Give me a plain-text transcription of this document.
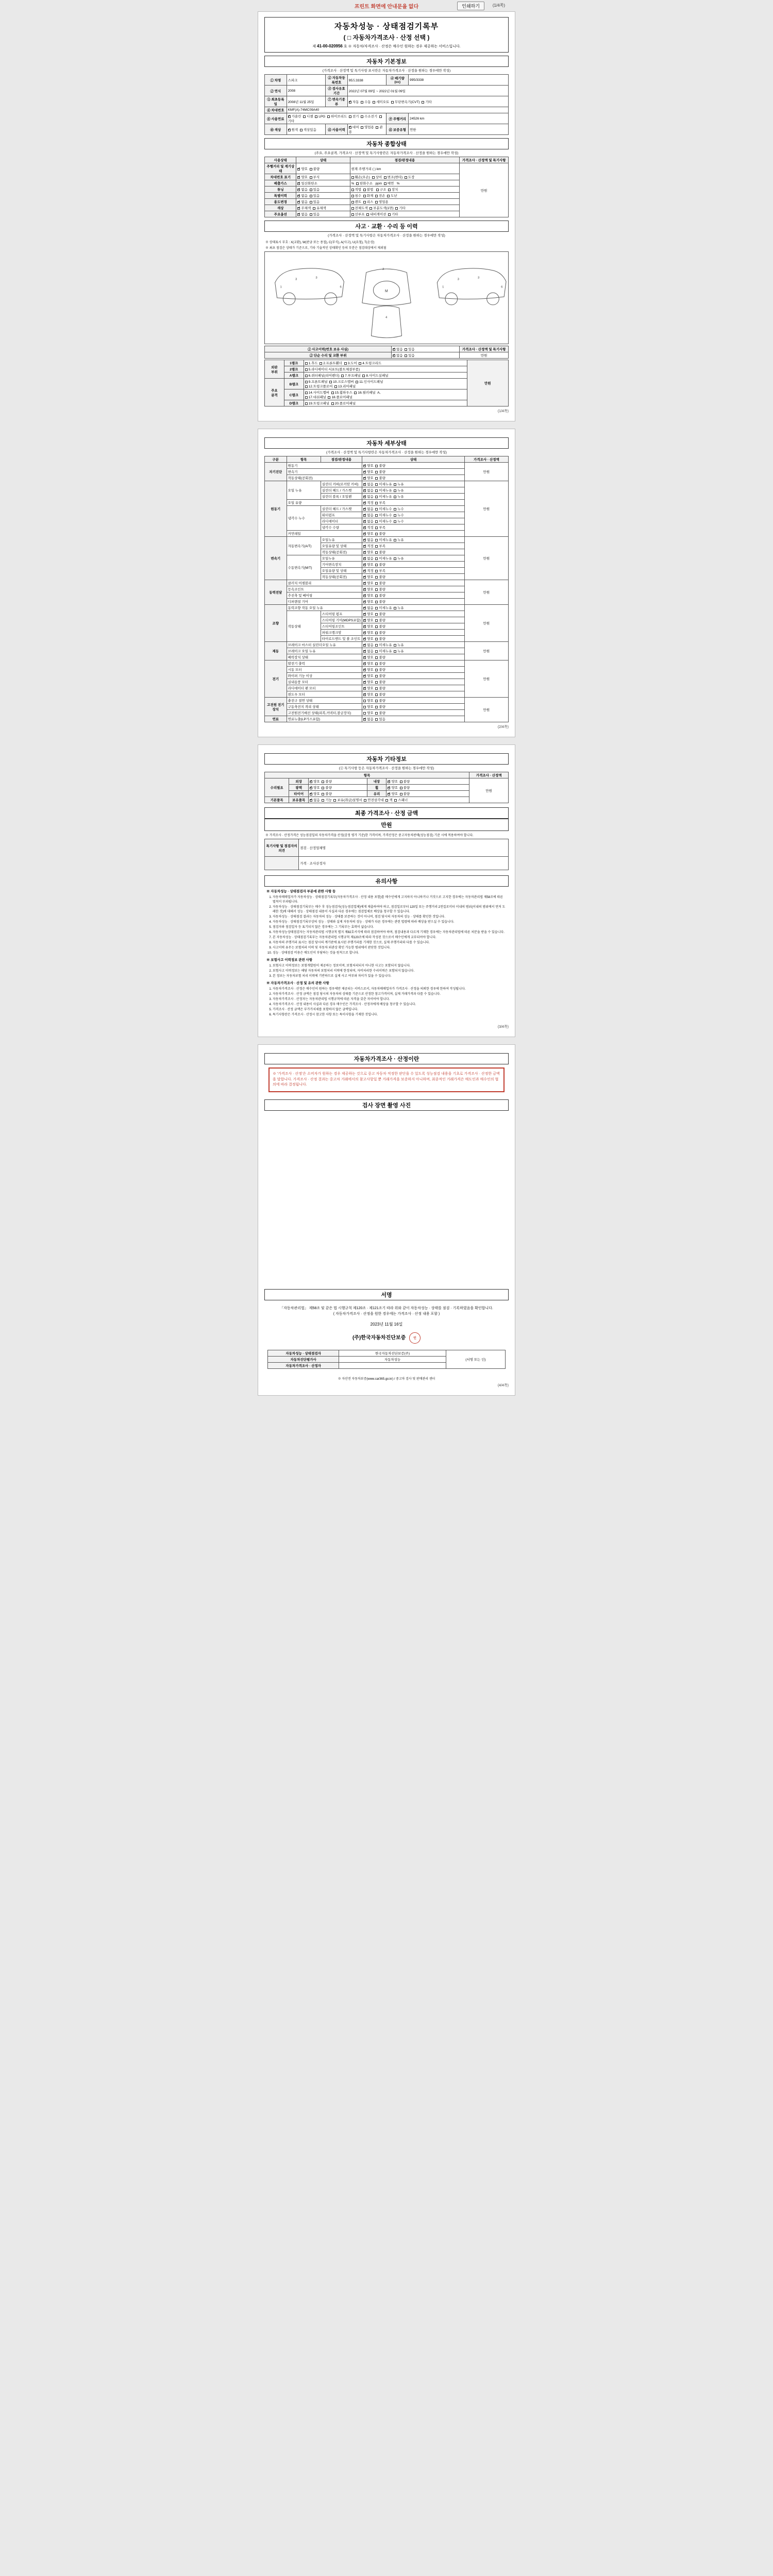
프린트 화면에 안내문을 없다	인쇄하기	(1/4쪽)
자동차성능 · 상태점검기록부
( □ 자동차가격조사 · 산정 선택 )
제 41-00-020956 호 ※ 자동차/자격조사 · 산정은 매수인 원하는 경우 제공하는 서비스입니다.
자동차 기본정보
(가격조사 · 산정액 및 특기사항 표시란은 자동차가격조사 · 산정을 원하는 경우에만 작성)
① 차명	스파크	② 자동차등록번호	95도3338	④ 배기량(cc)	995/3338
② 연식	2008	⑤ 검사유효기간	2022년 07월 09일 ~ 2022년 01월 09일		
③ 최초등록일	2008년 11월 25일	⑦ 변속기종류	✓자동  수동  세미오토  무단변속기(CVT)  기타
⑥ 차대번호	KMF(A)-74MC09A40				
⑧ 사용연료	✓가솔린  디젤  LPG  하이브리드  전기  수소전기  기타			⑨ 주행거리	24526 km
⑩ 색상	✓원색  색상있음	⑪ 사용이력	✓대여  영업용  관용	⑪ 보증유형	연한
자동차 종합상태
(주요, 주요골격, 가격조사 · 산정액 및 특기사항란은 자동차가격조사 · 산정을 원하는 경우에만 작성)
사용상태	상태	점검/판정내용	가격조사 · 산정액 및 특기사항
주행거리 및 계기상태	✓양호  불량	현재 주행거리 ( ) km	만원
차대번호 표기	✓양호  부식	훼손(오손)  상이  변조(변타)  도장	
배출가스	✓일산화탄소	%  탄화수소   ppm  매연   %	
튜닝	✓없음  있음	적법  불법   구조  장치	
특별이력	✓없음  있음	침수  화재  전손  도난	
용도변경	✓없음  있음	렌트  리스  영업용	
색상	✓무채색  유채색	전체도색  부분도색(1면)  기타	
주요옵션	✓없음  있음	선루프  내비게이션  기타	
사고 · 교환 · 수리 등 이력
(가격조사 · 산정액 및 특기사항은 자동차가격조사 · 산정을 원하는 경우에만 작성)
※ 상태표시 부호 : X(교환), W(판금 또는 용접), C(부식), A(사고), U(요철), T(손상)
※ 최초 점검은 상태가 기준으로, 기타 기술적인 상태확인 등의 부분은 점검대상에서 제외됨
M
3	3
1	6
2
4
3	3
1	6
① 사고이력(번호 보유 사실)	✓없음  있음	가격조사 · 산정액 및 특기사항
② 단순 수리 및 교환 부위	✓없음  있음	만원
외판
부위	1랭크	1.후드  2.프론트휀더  3.도어  4.트렁크리드	만원
	2랭크	5.라디에이터 서포트(볼트체결부품)	
	A랭크	6.쿼터패널(리어펜더)  7.루프패널  8.사이드실패널	
주요
골격	B랭크	9.프론트패널  10.크로스멤버  11.인사이드패널
12.트렁크플로어  13.리어패널	
	C랭크	14.사이드멤버  15.휠하우스  16.필러패널  A,
17.대쉬패널  18.플로어패널	
	D랭크	19.트렁크패널  20.플로어패널	
(1/4쪽)
자동차 세부상태
(가격조사 · 산정액 및 특기사항란은 자동차가격조사 · 산정을 원하는 경우에만 작성)
구분	항목	점검/판정내용	상태	가격조사 · 산정액
자기진단	원동기	✓양호  불량	만원
	변속기	✓양호  불량
	작동상태(공회전)	✓양호  불량
원동기	오일 누유	실린더 커버(로커암 커버)	✓없음  미세누유  누유	만원
		실린더 헤드 / 가스켓	✓없음  미세누유  누유
		실린더 블록 / 오일팬	✓없음  미세누유  누유
	오일 유량	✓적정  부족
	냉각수 누수	실린더 헤드 / 가스켓	✓없음  미세누수  누수
		워터펌프	✓없음  미세누수  누수
		라디에이터	✓없음  미세누수  누수
		냉각수 수량	✓적정  부족
	커먼레일	✓양호  불량
변속기	자동변속기(A/T)	오일누유	✓없음  미세누유  누유	만원
		오일유량 및 상태	✓적정  부족
		작동상태(공회전)	✓양호  불량
	수동변속기(M/T)	오일누유	✓없음  미세누유  누유
		기어변속장치	✓양호  불량
		오일유량 및 상태	✓적정  부족
		작동상태(공회전)	✓양호  불량
동력전달	클러치 어셈블리	✓양호  불량	만원
	등속조인트	✓양호  불량
	추진축 및 베어링	✓양호  불량
	디퍼렌셜 기어	✓양호  불량
조향	동력조향 작동 오일 누유	✓없음  미세누유  누유	만원
	작동상태	스티어링 펌프	✓양호  불량
		스티어링 기어(MDPS포함)	✓양호  불량
		스티어링조인트	✓양호  불량
		파워크랭크암	✓양호  불량
		타이로드엔드 및 볼 조인트	✓양호  불량
제동	브레이크 마스터 실린더오일 누유	✓없음  미세누유  누유	만원
	브레이크 오일 누유	✓없음  미세누유  누유
	배력장치 상태	✓양호  불량
전기	발전기 출력	✓양호  불량	만원
	시동 모터	✓양호  불량
	와이퍼 기능 이상	✓양호  불량
	실내송풍 모터	✓양호  불량
	라디에이터 팬 모터	✓양호  불량
	윈도우 모터	✓양호  불량
고전원 전기장치	충전구 절연 상태		양호  불량	만원
	구동축전지 격리 상태		양호  불량	
	고전원전기배선 상태(피복,커넥터,잠금장치)		양호  불량	
연료	연료누출(LP가스포함)	✓없음  있음
(2/4쪽)
자동차 기타정보
(② 특기사항 등은 자동차가격조사 · 산정을 원하는 경우에만 작성)
항목					가격조사 · 산정액
수리필요	외장	✓양호  불량	내장	✓양호  불량	만원
	광택	✓양호  불량	휠	✓양호  불량
	타이어	✓양호  불량	유리	✓양호  불량
기본품목	보유품목	✓없음  기능  보유(취급)설명서  안전삼각대  잭  스패너
최종 가격조사 · 산정 금액
만원
※ 가격조사 · 산정가격은 성능점검일의 자동차가격을 산정(감정 평가 기준)한 가격이며, 가격산정은 중고자동차판매(성능점검) 기준 시에 적용하여야 합니다.
특기사항 및 점검자의 의견	점검 · 산정업체명
	가격 · 조사산정자
유의사항
※ 자동차성능 · 상태점검자 부분에 관한 사항 등
1. 자동차매매업자가 자동차성능 · 상태점검기록부(자동차가격조사 · 산정 내용 포함)를 매수인에게 고지하지 아니하거나 거짓으로 고지한 경우에는 자동차관리법 제58조에 따른 벌칙이 부과됩니다.
2. 자동차성능 · 상태점검기록부는 매수 후 성능점검자(성능점검업체)에게 제출하여야 하고, 점검일로부터 120일 또는 주행거리 2천킬로미터 이내의 범위(이내의 범위에서 먼저 도래한 것)에 대해서 성능 · 상태점검 내용이 사실과 다른 경우에는 점검업체로 배상을 청구할 수 있습니다.
3. 자동차성능 · 상태점검 결과는 자동차의 성능 · 상태를 보증하는 것이 아니며, 점검 당시의 자동차의 성능 · 상태를 확인한 것입니다.
4. 자동차성능 · 상태점검기록부상의 성능 · 상태와 실제 자동차의 성능 · 상태가 다른 경우에는 관련 법령에 따라 배상을 받으실 수 있습니다.
5. 점검자와 점검일자 등 표기되지 않은 경우에는 그 기록부는 효력이 없습니다.
6. 자동차성능상태점검자는 자동차관리법 시행규칙 별지 제82호서식에 따라 점검하여야 하며, 점검내용과 다르게 기재한 경우에는 자동차관리법에 따른 처분을 받을 수 있습니다.
7. 본 자동차성능 · 상태점검기록부는 자동차관리법 시행규칙 제120조에 따라 작성된 것으로서 매수인에게 교부되어야 합니다.
8. 자동차의 주행거리 표시는 점검 당시의 계기판에 표시된 주행거리를 기재한 것으로, 실제 주행거리와 다를 수 있습니다.
9. 사고이력 유무는 보험처리 이력 및 자동차 외관상 확인 가능한 범위에서 판단한 것입니다.
10. 성능 · 상태점검 비용은 매도인이 부담하는 것을 원칙으로 합니다.
※ 보험사고 이력정보 관련 사항
1. 보험사고 이력정보는 보험개발원이 제공하는 정보이며, 보험처리되지 아니한 사고는 포함되지 않습니다.
2. 보험사고 이력정보는 해당 자동차의 보험처리 이력에 한정되며, 자비처리한 수리이력은 포함되지 않습니다.
3. 본 정보는 자동차보험 처리 이력에 기반하므로 실제 사고 여부와 차이가 있을 수 있습니다.
※ 자동차가격조사 · 산정 및 유의 관한 사항
1. 자동차가격조사 · 산정은 매수인이 원하는 경우에만 제공되는 서비스로서, 자동차매매업자가 가격조사 · 산정을 의뢰한 경우에 한하여 작성됩니다.
2. 자동차가격조사 · 산정 금액은 점검 당시의 자동차의 상태를 기준으로 산정한 참고가격이며, 실제 거래가격과 다를 수 있습니다.
3. 자동차가격조사 · 산정자는 자동차관리법 시행규칙에 따른 자격을 갖춘 자이어야 합니다.
4. 자동차가격조사 · 산정 내용이 사실과 다른 경우 매수인은 가격조사 · 산정자에게 배상을 청구할 수 있습니다.
5. 가격조사 · 산정 금액은 부가가치세를 포함하지 않은 금액입니다.
6. 특기사항란은 가격조사 · 산정시 참고한 사항 또는 특이사항을 기재한 것입니다.
(3/4쪽)
자동차가격조사 · 산정이란
※ '가격조사 · 산정'은 소비자가 원하는 경우 제공하는 것으로 중고 자동차 적정한 판단을 수 있도록 성능점검 내용을 기초로 가격조사 · 산정한 금액을 말합니다. 가격조사 · 산정 결과는 중고차 거래에서의 참고사항일 뿐 거래가격을 보증하지 아니하며, 최종적인 거래가격은 매도인과 매수인의 협의에 따라 결정됩니다.
검사 장면 촬영 사진
서명
「자동차관리법」 제58조 및 같은 법 시행규칙 제120조 · 제121조기 따라 위와 같이 자동차성능 · 상태를 점검 · 기록하였음을 확인합니다.
( 자동차가격조사 · 산정을 원한 경우에는 가격조사 · 산정 내용 포함 )
2023년 11월 16일
(주)한국자동차진단보증 인
자동차성능 · 상태점검자	한국자동차진단보증(주)	(서명 또는 인)
자동차진단평가사	자동차성능	
자동차가격조사 · 산정자		
※ 자산전 자동차보증(www.car365.go.kr) / 중고차 검사 및 판매관리 센터
(4/4쪽)
